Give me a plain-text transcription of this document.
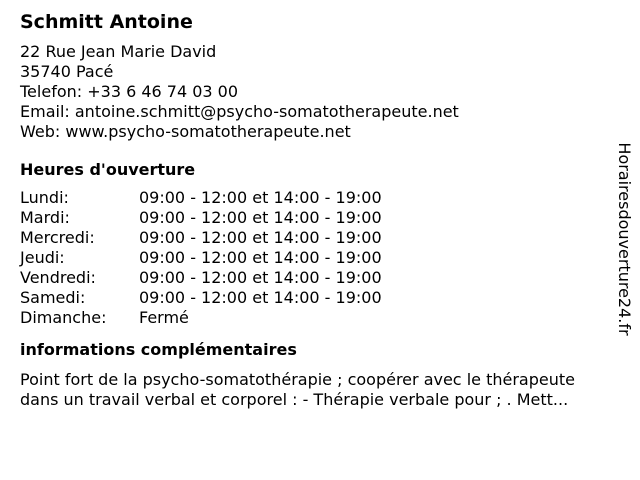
Schmitt Antoine
22 Rue Jean Marie David
35740 Pacé
Telefon: +33 6 46 74 03 00
Email: antoine.schmitt@psycho-somatotherapeute.net
Web: www.psycho-somatotherapeute.net
Heures d'ouverture
Lundi:	09:00 - 12:00 et 14:00 - 19:00
Mardi:	09:00 - 12:00 et 14:00 - 19:00
Mercredi:	09:00 - 12:00 et 14:00 - 19:00
Jeudi:	09:00 - 12:00 et 14:00 - 19:00
Vendredi:	09:00 - 12:00 et 14:00 - 19:00
Samedi:	09:00 - 12:00 et 14:00 - 19:00
Dimanche:	Fermé
informations complémentaires
Point fort de la psycho-somatothérapie ; coopérer avec le thérapeute
dans un travail verbal et corporel : - Thérapie verbale pour ; . Mett...
Horairesdouverture24.fr
